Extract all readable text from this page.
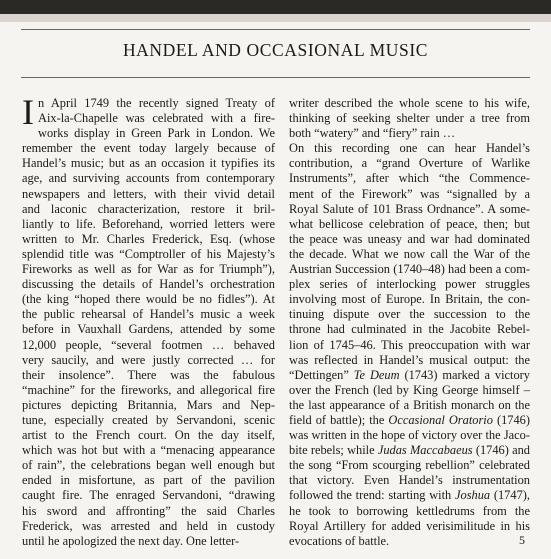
HANDEL AND OCCASIONAL MUSIC
I n April 1749 the recently signed Treaty of
Aix-la-Chapelle was celebrated with a fire-
works display in Green Park in London. We
remember the event today largely because of
Handel’s music; but as an occasion it typifies its
age, and surviving accounts from contemporary
newspapers and letters, with their vivid detail
and laconic characterization, restore it bril-
liantly to life. Beforehand, worried letters were
written to Mr. Charles Frederick, Esq. (whose
splendid title was “Comptroller of his Majesty’s
Fireworks as well as for War as for Triumph”),
discussing the details of Handel’s orchestration
(the king “hoped there would be no fidles”). At
the public rehearsal of Handel’s music a week
before in Vauxhall Gardens, attended by some
12,000 people, “several footmen … behaved
very saucily, and were justly corrected … for
their insolence”. There was the fabulous
“machine” for the fireworks, and allegorical fire
pictures depicting Britannia, Mars and Nep-
tune, especially created by Servandoni, scenic
artist to the French court. On the day itself,
which was hot but with a “menacing appearance
of rain”, the celebrations began well enough but
ended in misfortune, as part of the pavilion
caught fire. The enraged Servandoni, “drawing
his sword and affronting” the said Charles
Frederick, was arrested and held in custody
until he apologized the next day. One letter-
writer described the whole scene to his wife,
thinking of seeking shelter under a tree from
both “watery” and “fiery” rain …
On this recording one can hear Handel’s
contribution, a “grand Overture of Warlike
Instruments”, after which “the Commence-
ment of the Firework” was “signalled by a
Royal Salute of 101 Brass Ordnance”. A some-
what bellicose celebration of peace, then; but
the peace was uneasy and war had dominated
the decade. What we now call the War of the
Austrian Succession (1740–48) had been a com-
plex series of interlocking power struggles
involving most of Europe. In Britain, the con-
tinuing dispute over the succession to the
throne had culminated in the Jacobite Rebel-
lion of 1745–46. This preoccupation with war
was reflected in Handel’s musical output: the
“Dettingen” Te Deum (1743) marked a victory
over the French (led by King George himself –
the last appearance of a British monarch on the
field of battle); the Occasional Oratorio (1746)
was written in the hope of victory over the Jaco-
bite rebels; while Judas Maccabaeus (1746) and
the song “From scourging rebellion” celebrated
that victory. Even Handel’s instrumentation
followed the trend: starting with Joshua (1747),
he took to borrowing kettledrums from the
Royal Artillery for added verisimilitude in his
evocations of battle.	5
